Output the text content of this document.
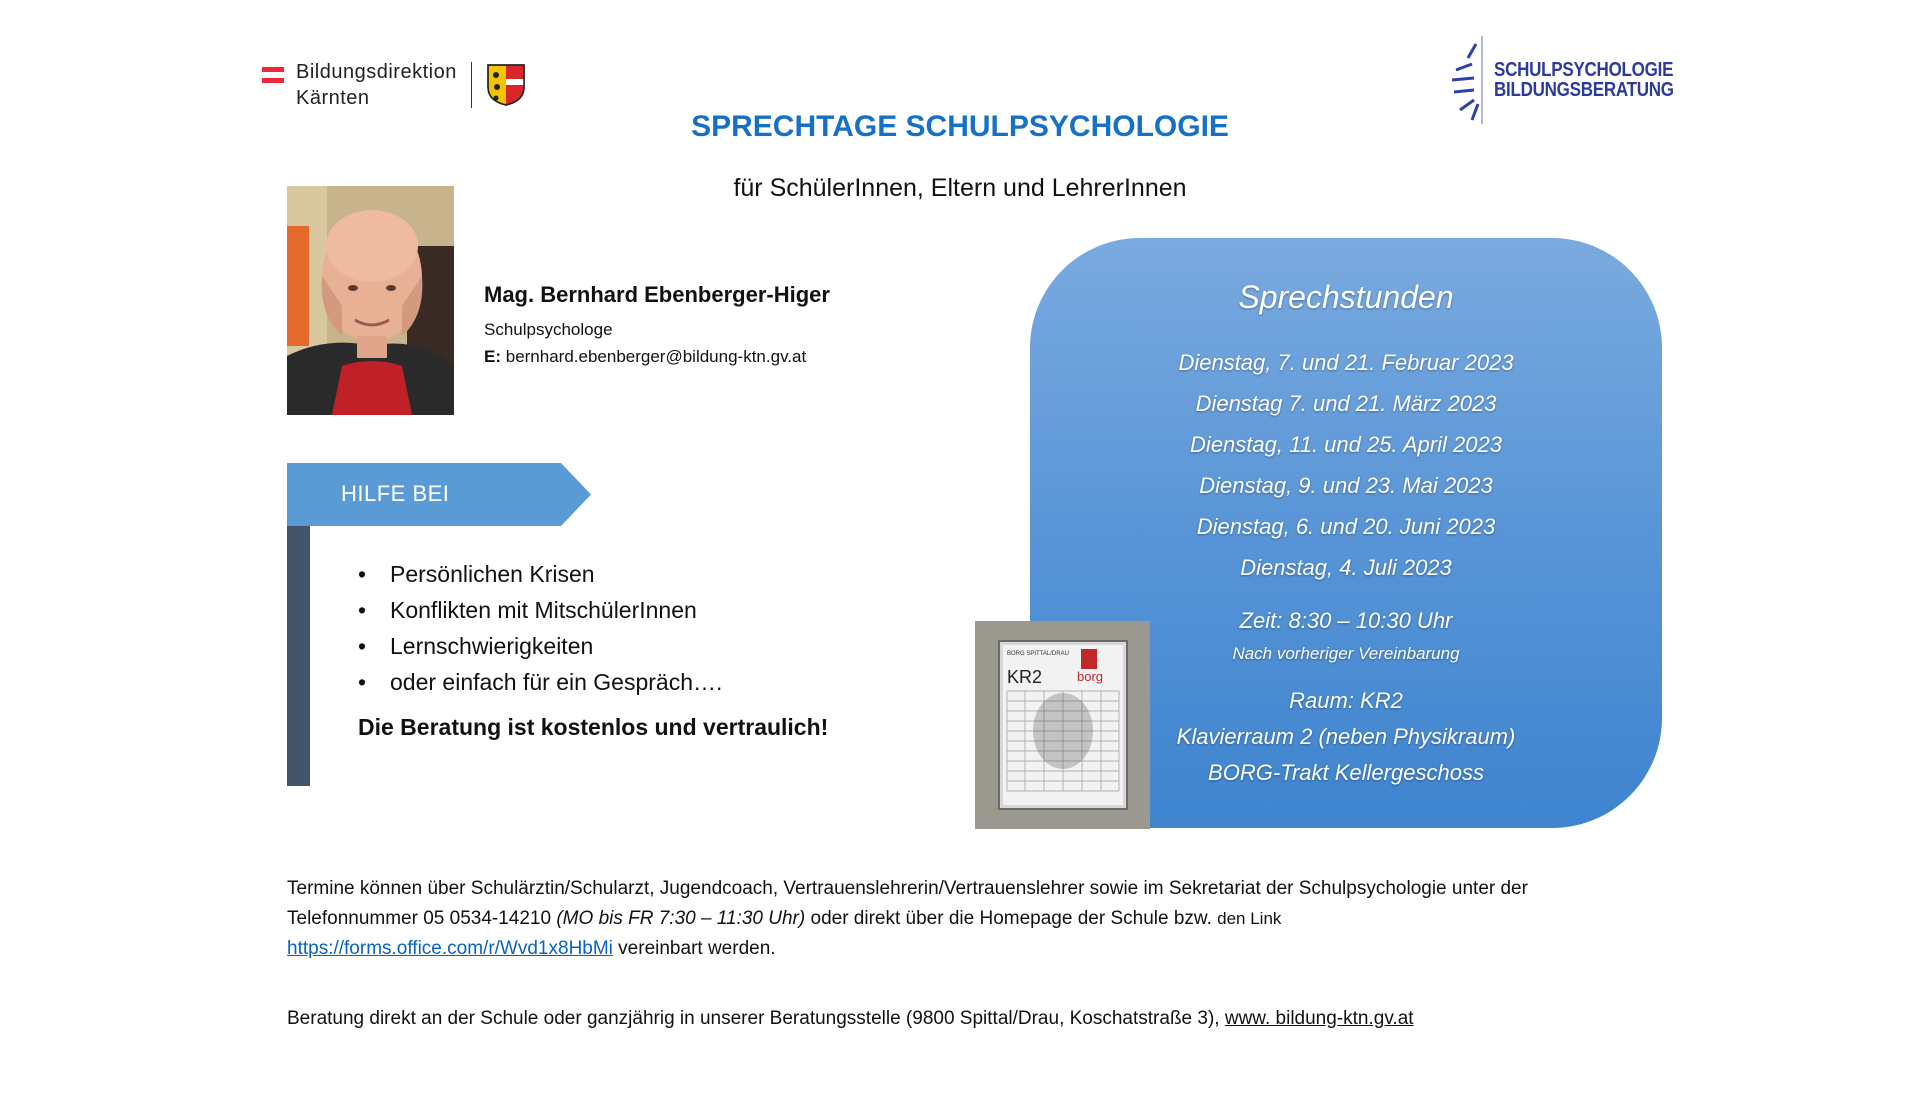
Bildungsdirektion
Kärnten
SCHULPSYCHOLOGIE
BILDUNGSBERATUNG
SPRECHTAGE SCHULPSYCHOLOGIE
für SchülerInnen, Eltern und LehrerInnen
Mag. Bernhard Ebenberger-Higer
Schulpsychologe
E: bernhard.ebenberger@bildung-ktn.gv.at
HILFE BEI
• Persönlichen Krisen
• Konflikten mit MitschülerInnen
• Lernschwierigkeiten
• oder einfach für ein Gespräch….
Die Beratung ist kostenlos und vertraulich!
Sprechstunden
Dienstag, 7. und 21. Februar 2023
Dienstag 7. und 21. März 2023
Dienstag, 11. und 25. April 2023
Dienstag, 9. und 23. Mai 2023
Dienstag, 6. und 20. Juni 2023
Dienstag, 4. Juli 2023
Zeit: 8:30 – 10:30 Uhr
Nach vorheriger Vereinbarung
Raum: KR2
Klavierraum 2 (neben Physikraum)
BORG-Trakt Kellergeschoss
BORG SPITTAL/DRAU
KR2	borg
Termine können über Schulärztin/Schularzt, Jugendcoach, Vertrauenslehrerin/Vertrauenslehrer sowie im Sekretariat der Schulpsychologie unter der Telefonnummer 05 0534-14210 (MO bis FR 7:30 – 11:30 Uhr) oder direkt über die Homepage der Schule bzw. den Link
https://forms.office.com/r/Wvd1x8HbMi vereinbart werden.
Beratung direkt an der Schule oder ganzjährig in unserer Beratungsstelle (9800 Spittal/Drau, Koschatstraße 3), www. bildung-ktn.gv.at
